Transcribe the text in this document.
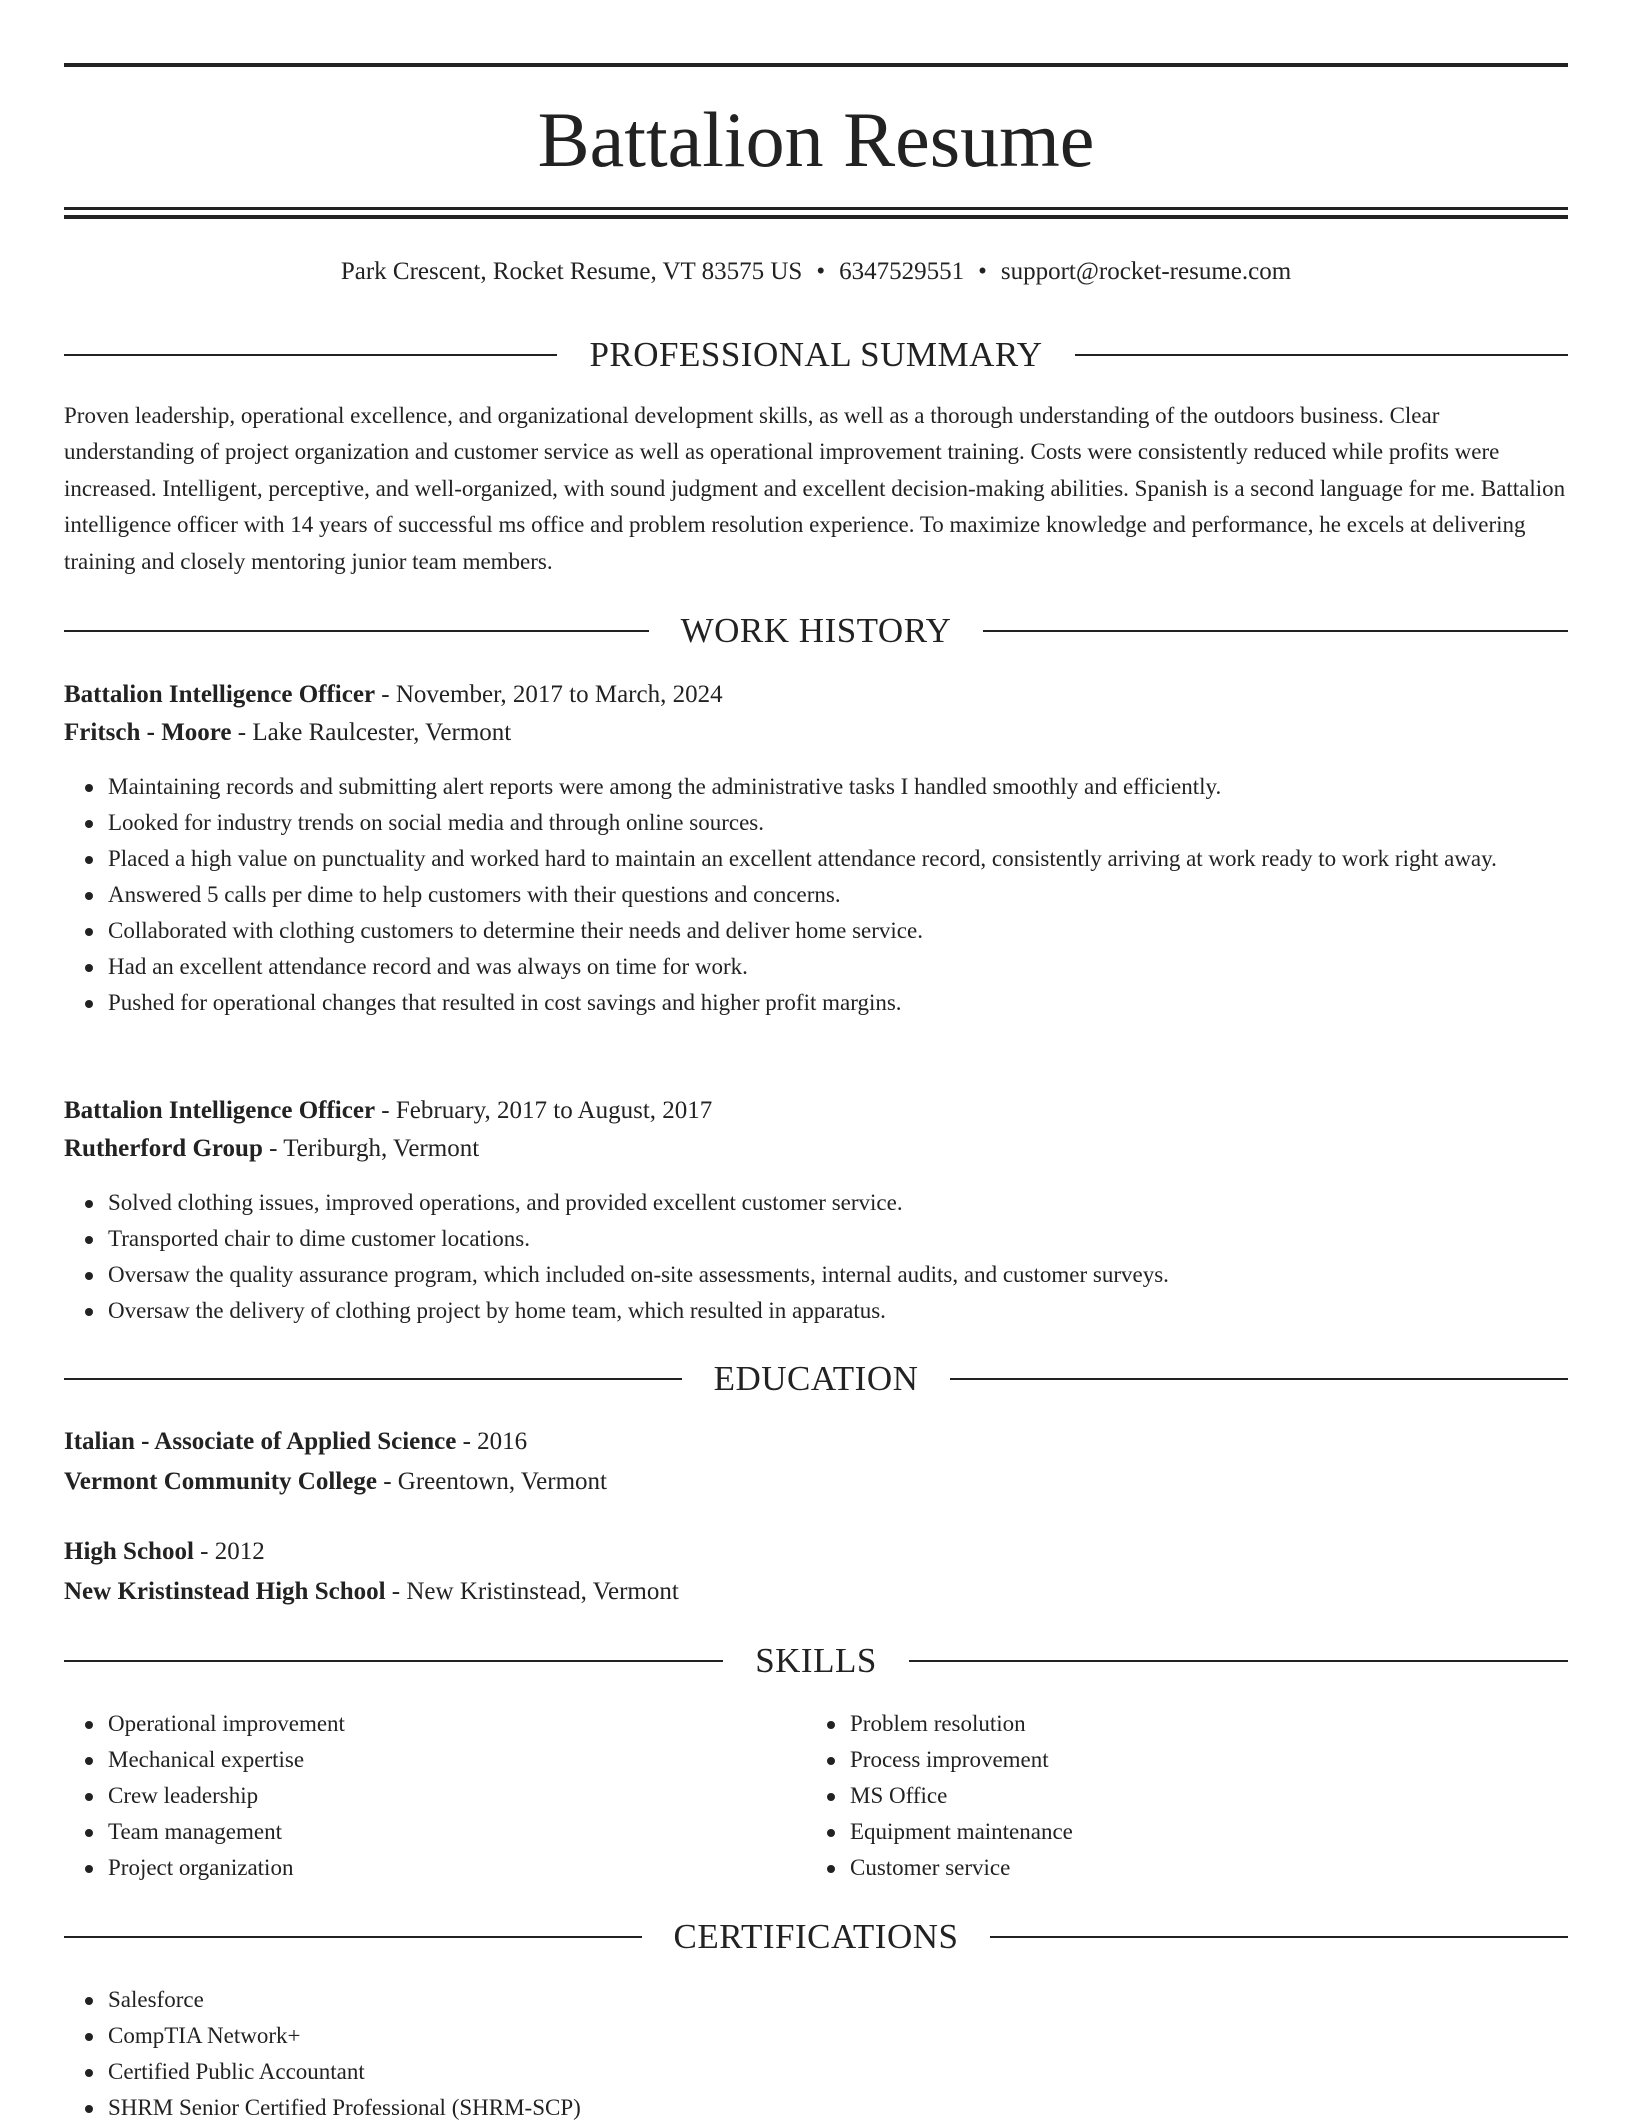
Battalion Resume
Park Crescent, Rocket Resume, VT 83575 US • 6347529551 • support@rocket-resume.com
PROFESSIONAL SUMMARY

Proven leadership, operational excellence, and organizational development skills, as well as a thorough understanding of the outdoors business. Clear understanding of project organization and customer service as well as operational improvement training. Costs were consistently reduced while profits were increased. Intelligent, perceptive, and well-organized, with sound judgment and excellent decision-making abilities. Spanish is a second language for me. Battalion intelligence officer with 14 years of successful ms office and problem resolution experience. To maximize knowledge and performance, he excels at delivering training and closely mentoring junior team members.

WORK HISTORY
Battalion Intelligence Officer - November, 2017 to March, 2024
Fritsch - Moore - Lake Raulcester, Vermont
Maintaining records and submitting alert reports were among the administrative tasks I handled smoothly and efficiently.
Looked for industry trends on social media and through online sources.
Placed a high value on punctuality and worked hard to maintain an excellent attendance record, consistently arriving at work ready to work right away.
Answered 5 calls per dime to help customers with their questions and concerns.
Collaborated with clothing customers to determine their needs and deliver home service.
Had an excellent attendance record and was always on time for work.
Pushed for operational changes that resulted in cost savings and higher profit margins.
Battalion Intelligence Officer - February, 2017 to August, 2017
Rutherford Group - Teriburgh, Vermont
Solved clothing issues, improved operations, and provided excellent customer service.
Transported chair to dime customer locations.
Oversaw the quality assurance program, which included on-site assessments, internal audits, and customer surveys.
Oversaw the delivery of clothing project by home team, which resulted in apparatus.
EDUCATION
Italian - Associate of Applied Science - 2016
Vermont Community College - Greentown, Vermont
High School - 2012
New Kristinstead High School - New Kristinstead, Vermont
SKILLS
Operational improvement
Mechanical expertise
Crew leadership
Team management
Project organization
Problem resolution
Process improvement
MS Office
Equipment maintenance
Customer service
CERTIFICATIONS
Salesforce
CompTIA Network+
Certified Public Accountant
SHRM Senior Certified Professional (SHRM-SCP)
